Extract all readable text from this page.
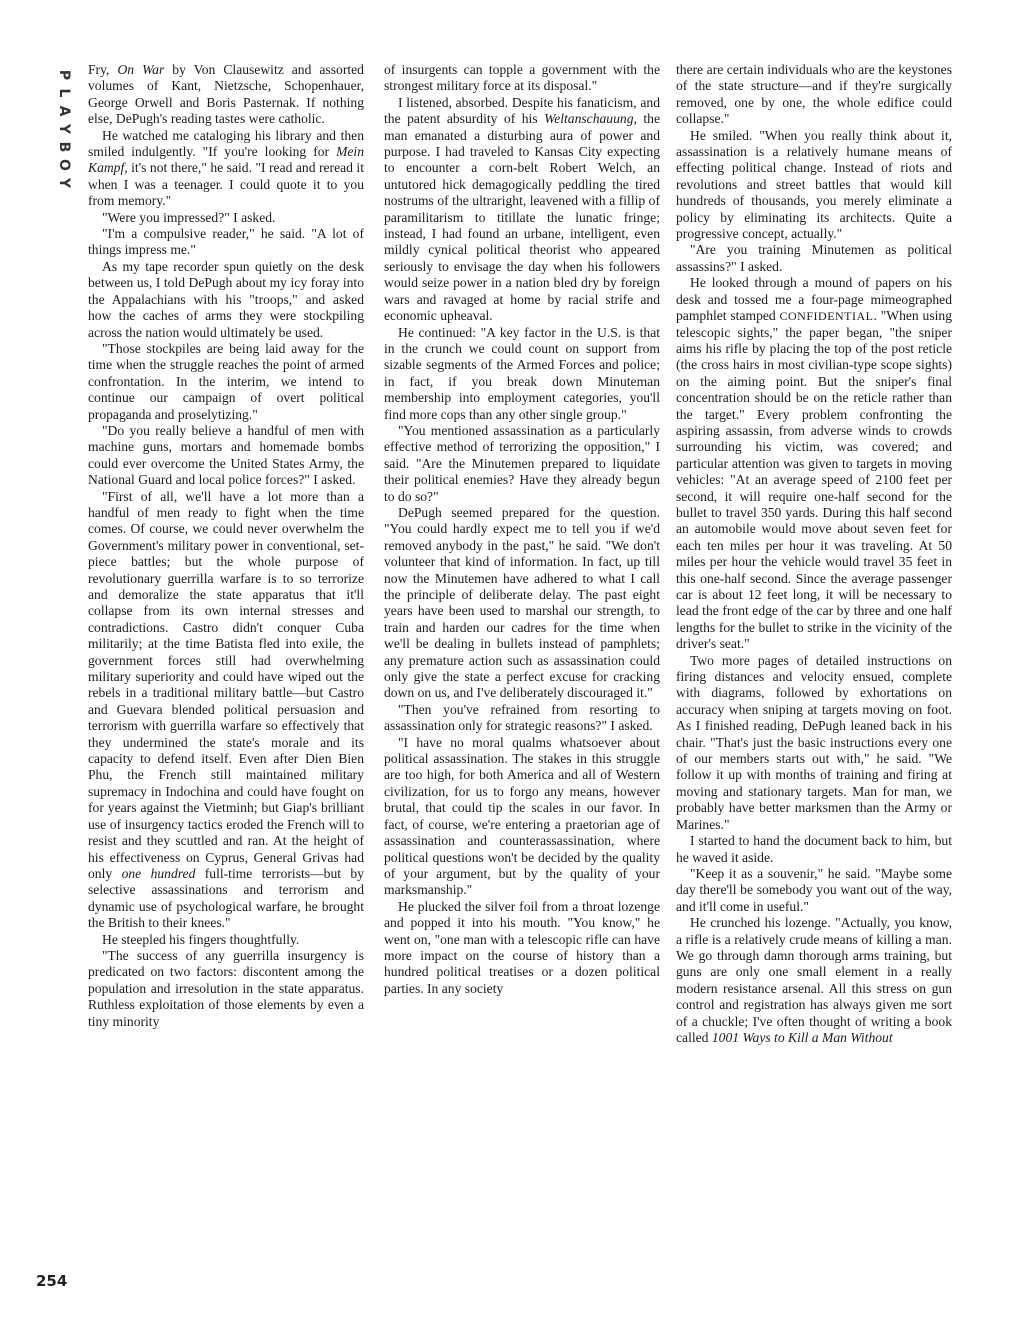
P
L
A
Y
B
O
Y

Fry, On War by Von Clausewitz and assorted volumes of Kant, Nietzsche, Schopenhauer, George Orwell and Boris Pasternak. If nothing else, DePugh's reading tastes were catholic.

He watched me cataloging his library and then smiled indulgently. "If you're looking for Mein Kampf, it's not there," he said. "I read and reread it when I was a teenager. I could quote it to you from memory."

"Were you impressed?" I asked.

"I'm a compulsive reader," he said. "A lot of things impress me."

As my tape recorder spun quietly on the desk between us, I told DePugh about my icy foray into the Appalachians with his "troops," and asked how the caches of arms they were stockpiling across the nation would ultimately be used.

"Those stockpiles are being laid away for the time when the struggle reaches the point of armed confrontation. In the interim, we intend to continue our campaign of overt political propaganda and proselytizing."

"Do you really believe a handful of men with machine guns, mortars and homemade bombs could ever overcome the United States Army, the National Guard and local police forces?" I asked.

"First of all, we'll have a lot more than a handful of men ready to fight when the time comes. Of course, we could never overwhelm the Government's military power in conventional, set-piece battles; but the whole purpose of revolutionary guerrilla warfare is to so terrorize and demoralize the state apparatus that it'll collapse from its own internal stresses and contradictions. Castro didn't conquer Cuba militarily; at the time Batista fled into exile, the government forces still had overwhelming military superiority and could have wiped out the rebels in a traditional military battle—but Castro and Guevara blended political persuasion and terrorism with guerrilla warfare so effectively that they undermined the state's morale and its capacity to defend itself. Even after Dien Bien Phu, the French still maintained military supremacy in Indochina and could have fought on for years against the Vietminh; but Giap's brilliant use of insurgency tactics eroded the French will to resist and they scuttled and ran. At the height of his effectiveness on Cyprus, General Grivas had only one hundred full-time terrorists—but by selective assassinations and terrorism and dynamic use of psychological warfare, he brought the British to their knees."

He steepled his fingers thoughtfully.

"The success of any guerrilla insurgency is predicated on two factors: discontent among the population and irresolution in the state apparatus. Ruthless exploitation of those elements by even a tiny minority

of insurgents can topple a government with the strongest military force at its disposal."

I listened, absorbed. Despite his fanaticism, and the patent absurdity of his Weltanschauung, the man emanated a disturbing aura of power and purpose. I had traveled to Kansas City expecting to encounter a corn-belt Robert Welch, an untutored hick demagogically peddling the tired nostrums of the ultraright, leavened with a fillip of paramilitarism to titillate the lunatic fringe; instead, I had found an urbane, intelligent, even mildly cynical political theorist who appeared seriously to envisage the day when his followers would seize power in a nation bled dry by foreign wars and ravaged at home by racial strife and economic upheaval.

He continued: "A key factor in the U.S. is that in the crunch we could count on support from sizable segments of the Armed Forces and police; in fact, if you break down Minuteman membership into employment categories, you'll find more cops than any other single group."

"You mentioned assassination as a particularly effective method of terrorizing the opposition," I said. "Are the Minutemen prepared to liquidate their political enemies? Have they already begun to do so?"

DePugh seemed prepared for the question. "You could hardly expect me to tell you if we'd removed anybody in the past," he said. "We don't volunteer that kind of information. In fact, up till now the Minutemen have adhered to what I call the principle of deliberate delay. The past eight years have been used to marshal our strength, to train and harden our cadres for the time when we'll be dealing in bullets instead of pamphlets; any premature action such as assassination could only give the state a perfect excuse for cracking down on us, and I've deliberately discouraged it."

"Then you've refrained from resorting to assassination only for strategic reasons?" I asked.

"I have no moral qualms whatsoever about political assassination. The stakes in this struggle are too high, for both America and all of Western civilization, for us to forgo any means, however brutal, that could tip the scales in our favor. In fact, of course, we're entering a praetorian age of assassination and counterassassination, where political questions won't be decided by the quality of your argument, but by the quality of your marksmanship."

He plucked the silver foil from a throat lozenge and popped it into his mouth. "You know," he went on, "one man with a telescopic rifle can have more impact on the course of history than a hundred political treatises or a dozen political parties. In any society

there are certain individuals who are the keystones of the state structure—and if they're surgically removed, one by one, the whole edifice could collapse."

He smiled. "When you really think about it, assassination is a relatively humane means of effecting political change. Instead of riots and revolutions and street battles that would kill hundreds of thousands, you merely eliminate a policy by eliminating its architects. Quite a progressive concept, actually."

"Are you training Minutemen as political assassins?" I asked.

He looked through a mound of papers on his desk and tossed me a four-page mimeographed pamphlet stamped CONFIDENTIAL. "When using telescopic sights," the paper began, "the sniper aims his rifle by placing the top of the post reticle (the cross hairs in most civilian-type scope sights) on the aiming point. But the sniper's final concentration should be on the reticle rather than the target." Every problem confronting the aspiring assassin, from adverse winds to crowds surrounding his victim, was covered; and particular attention was given to targets in moving vehicles: "At an average speed of 2100 feet per second, it will require one-half second for the bullet to travel 350 yards. During this half second an automobile would move about seven feet for each ten miles per hour it was traveling. At 50 miles per hour the vehicle would travel 35 feet in this one-half second. Since the average passenger car is about 12 feet long, it will be necessary to lead the front edge of the car by three and one half lengths for the bullet to strike in the vicinity of the driver's seat."

Two more pages of detailed instructions on firing distances and velocity ensued, complete with diagrams, followed by exhortations on accuracy when sniping at targets moving on foot. As I finished reading, DePugh leaned back in his chair. "That's just the basic instructions every one of our members starts out with," he said. "We follow it up with months of training and firing at moving and stationary targets. Man for man, we probably have better marksmen than the Army or Marines."

I started to hand the document back to him, but he waved it aside.

"Keep it as a souvenir," he said. "Maybe some day there'll be somebody you want out of the way, and it'll come in useful."

He crunched his lozenge. "Actually, you know, a rifle is a relatively crude means of killing a man. We go through damn thorough arms training, but guns are only one small element in a really modern resistance arsenal. All this stress on gun control and registration has always given me sort of a chuckle; I've often thought of writing a book called 1001 Ways to Kill a Man Without

254
